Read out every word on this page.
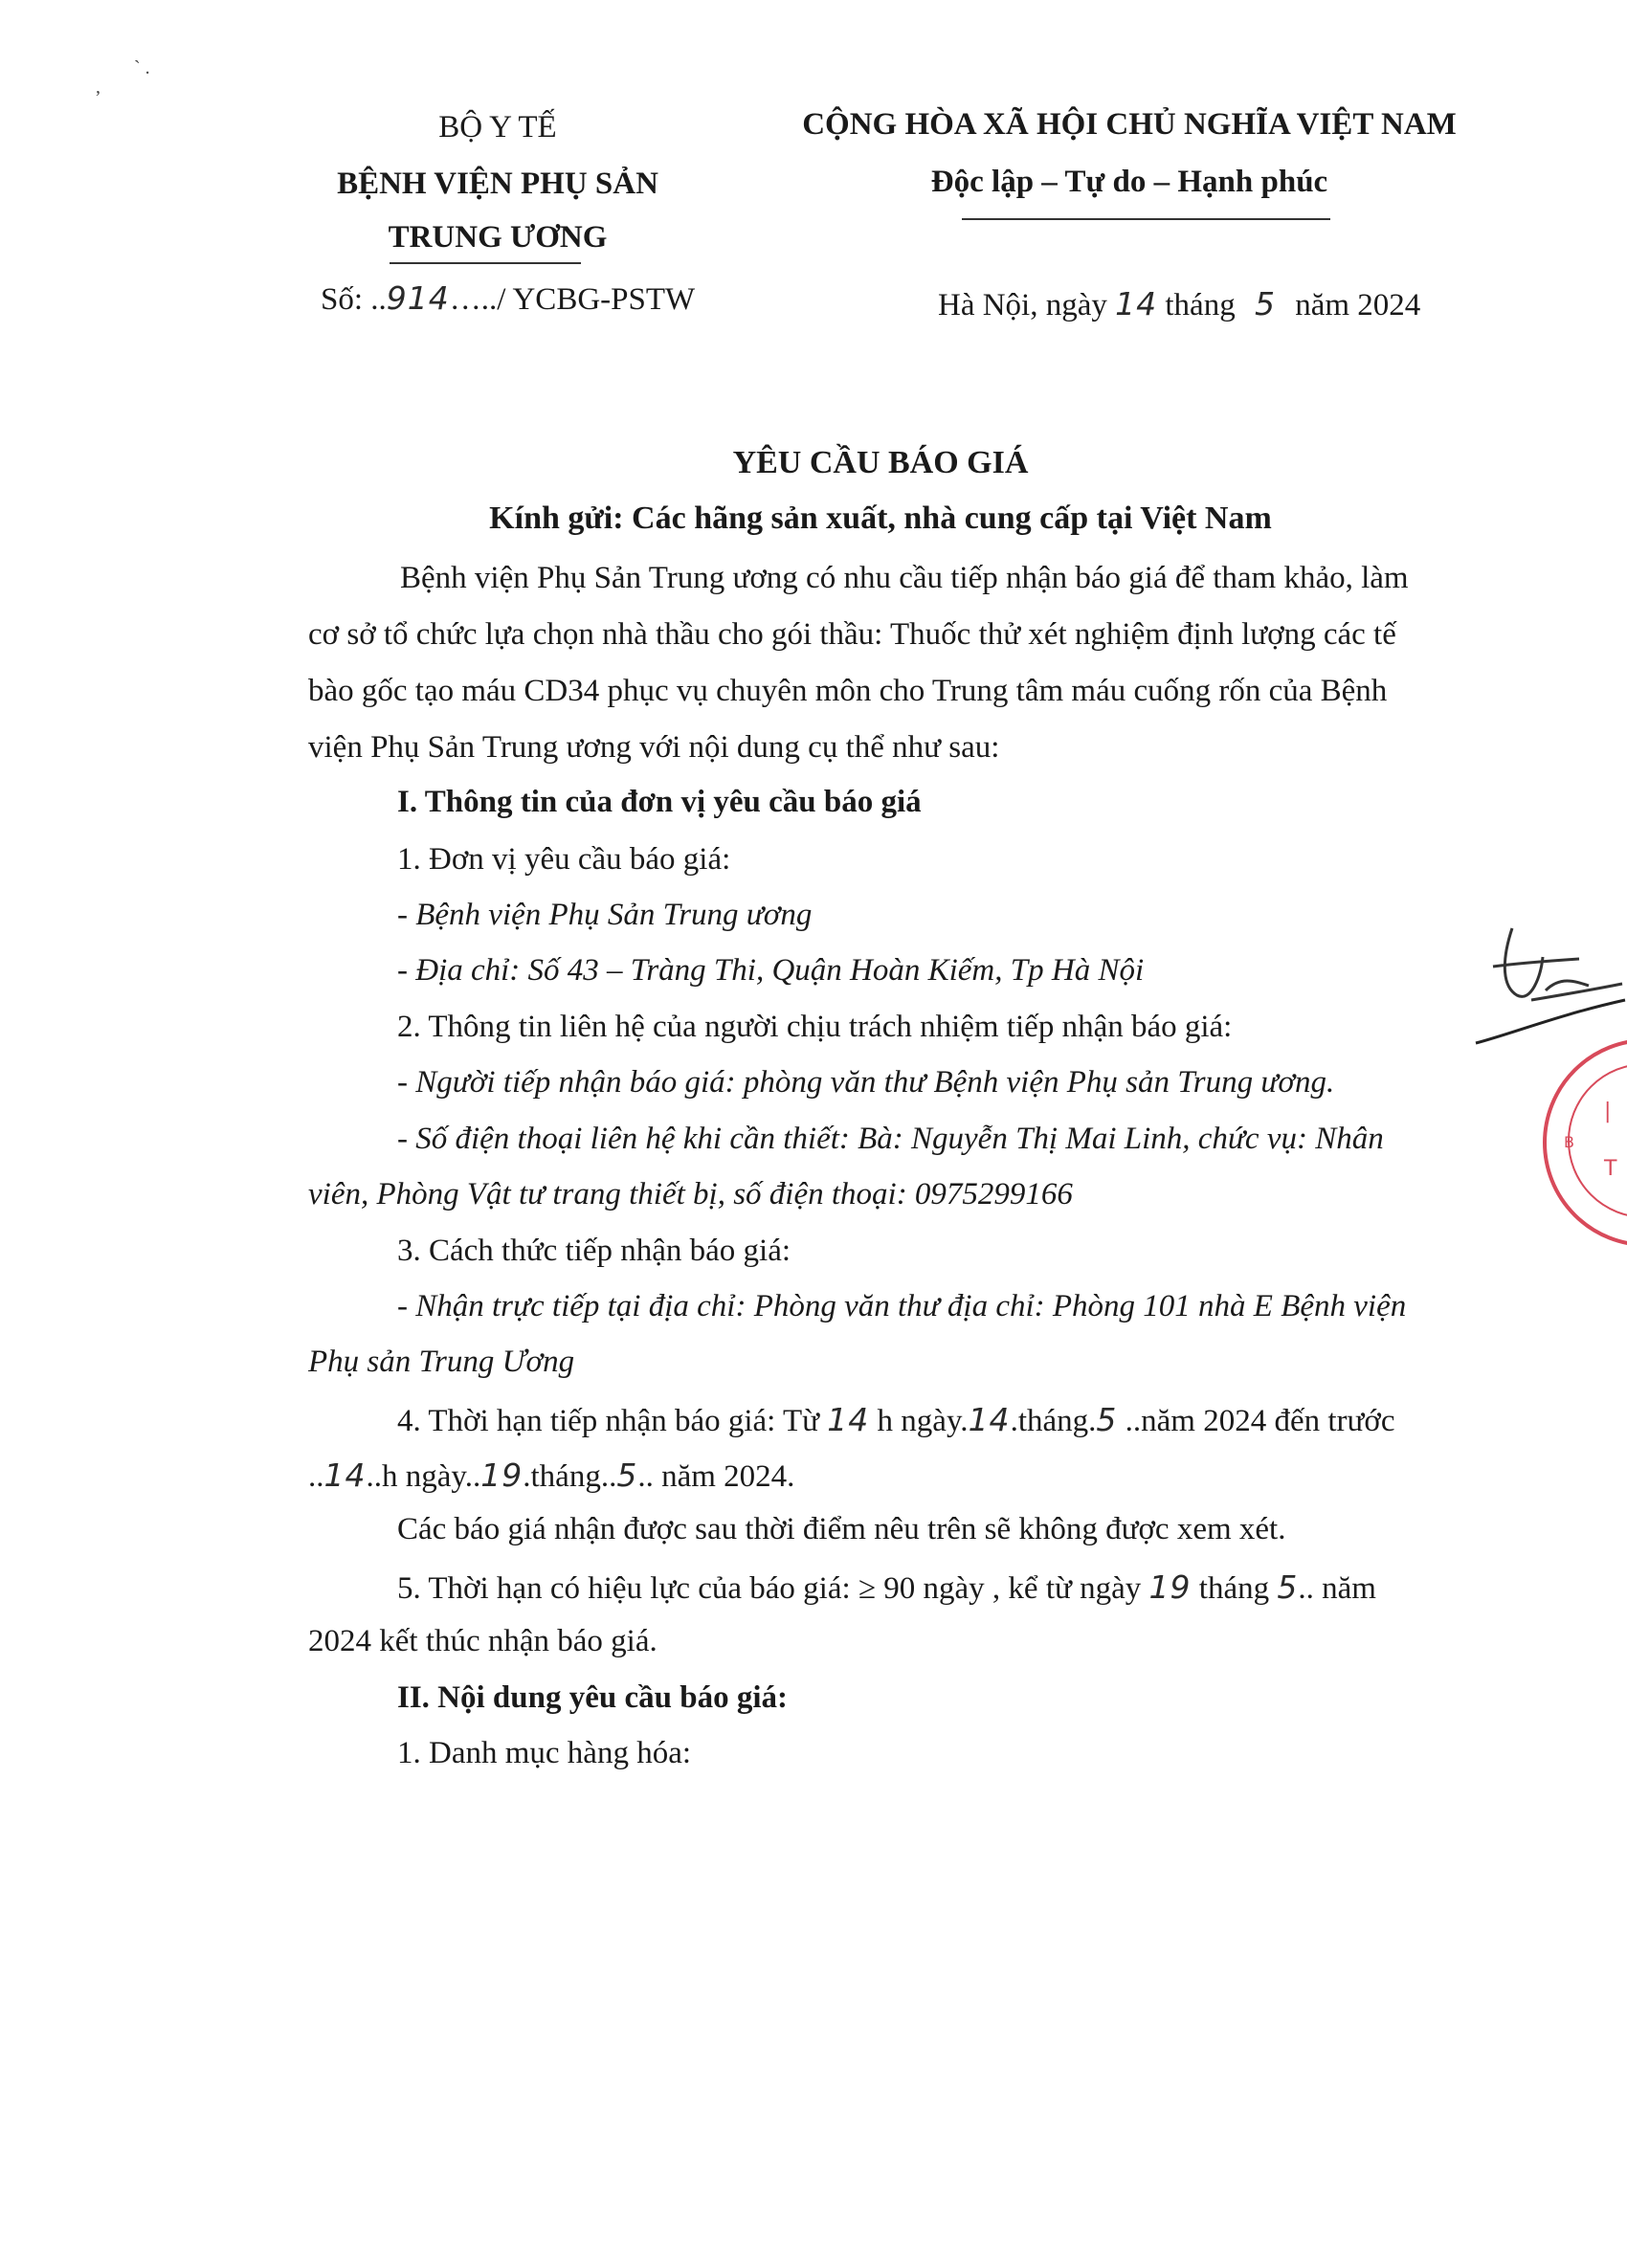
` .
,
BỘ Y TẾ
BỆNH VIỆN PHỤ SẢN
TRUNG ƯƠNG
Số: ..914…../ YCBG-PSTW
CỘNG HÒA XÃ HỘI CHỦ NGHĨA VIỆT NAM
Độc lập – Tự do – Hạnh phúc
Hà Nội, ngày 14 tháng 5 năm 2024
YÊU CẦU BÁO GIÁ
Kính gửi: Các hãng sản xuất, nhà cung cấp tại Việt Nam
Bệnh viện Phụ Sản Trung ương có nhu cầu tiếp nhận báo giá để tham khảo, làm
cơ sở tổ chức lựa chọn nhà thầu cho gói thầu: Thuốc thử xét nghiệm định lượng các tế
bào gốc tạo máu CD34 phục vụ chuyên môn cho Trung tâm máu cuống rốn của Bệnh
viện Phụ Sản Trung ương với nội dung cụ thể như sau:
I. Thông tin của đơn vị yêu cầu báo giá
1. Đơn vị yêu cầu báo giá:
- Bệnh viện Phụ Sản Trung ương
- Địa chỉ: Số 43 – Tràng Thi, Quận Hoàn Kiếm, Tp Hà Nội
2. Thông tin liên hệ của người chịu trách nhiệm tiếp nhận báo giá:
- Người tiếp nhận báo giá: phòng văn thư Bệnh viện Phụ sản Trung ương.
- Số điện thoại liên hệ khi cần thiết: Bà: Nguyễn Thị Mai Linh, chức vụ: Nhân
viên, Phòng Vật tư trang thiết bị, số điện thoại: 0975299166
3. Cách thức tiếp nhận báo giá:
- Nhận trực tiếp tại địa chỉ: Phòng văn thư địa chỉ: Phòng 101 nhà E Bệnh viện
Phụ sản Trung Ương
4. Thời hạn tiếp nhận báo giá: Từ 14 h ngày.14.tháng.5 ..năm 2024 đến trước
..14..h ngày..19.tháng..5.. năm 2024.
Các báo giá nhận được sau thời điểm nêu trên sẽ không được xem xét.
5. Thời hạn có hiệu lực của báo giá: ≥ 90 ngày , kể từ ngày 19 tháng 5.. năm
2024 kết thúc nhận báo giá.
II. Nội dung yêu cầu báo giá:
1. Danh mục hàng hóa:
|
T
B
